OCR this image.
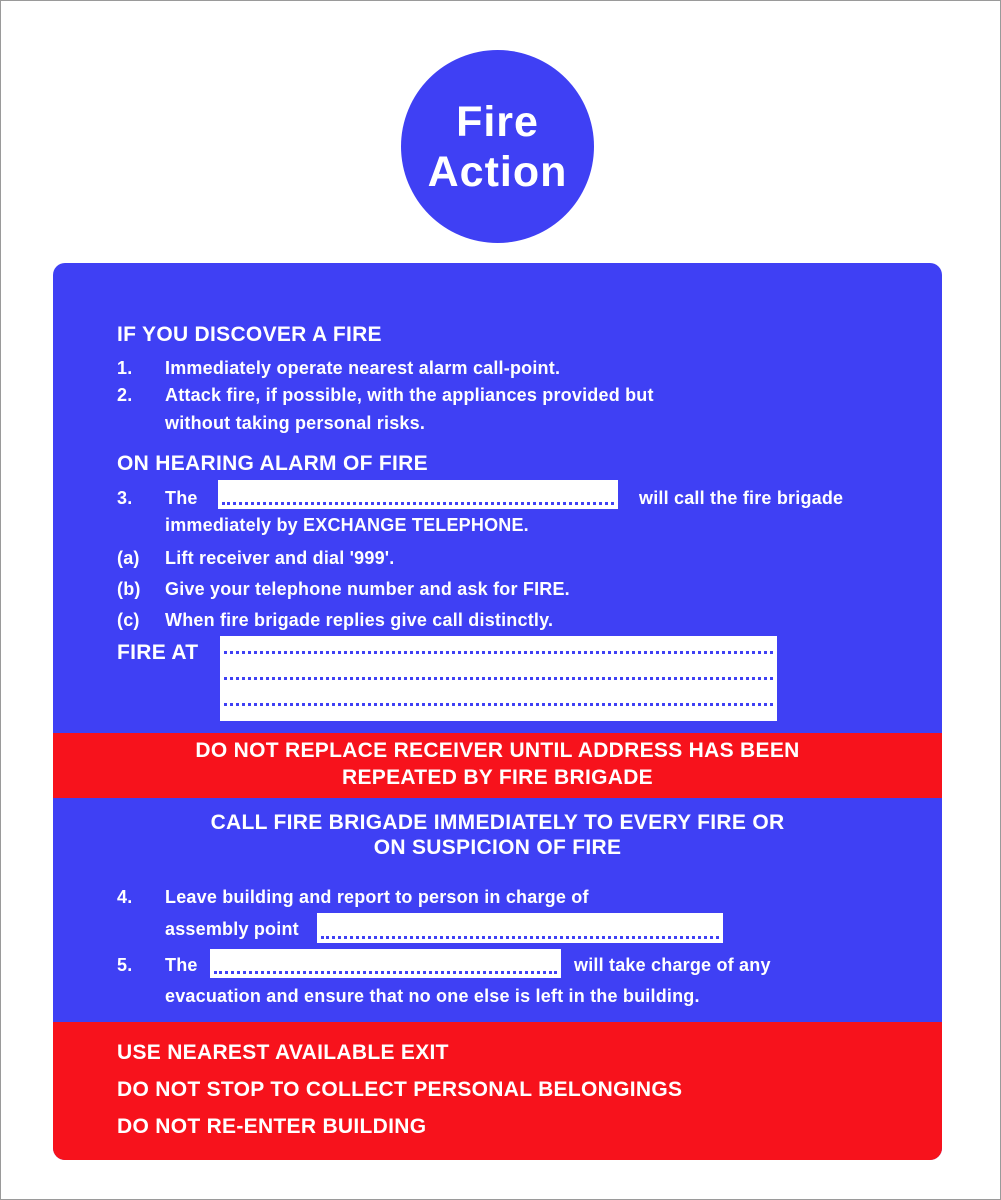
Fire
Action
IF YOU DISCOVER A FIRE
1. Immediately operate nearest alarm call-point.
2. Attack fire, if possible, with the appliances provided but
without taking personal risks.
ON HEARING ALARM OF FIRE
3. The	will call the fire brigade
immediately by EXCHANGE TELEPHONE.
(a) Lift receiver and dial '999'.
(b) Give your telephone number and ask for FIRE.
(c) When fire brigade replies give call distinctly.
FIRE AT
DO NOT REPLACE RECEIVER UNTIL ADDRESS HAS BEEN
REPEATED BY FIRE BRIGADE
CALL FIRE BRIGADE IMMEDIATELY TO EVERY FIRE OR
ON SUSPICION OF FIRE
4. Leave building and report to person in charge of
assembly point
5. The	will take charge of any
evacuation and ensure that no one else is left in the building.
USE NEAREST AVAILABLE EXIT
DO NOT STOP TO COLLECT PERSONAL BELONGINGS
DO NOT RE-ENTER BUILDING
